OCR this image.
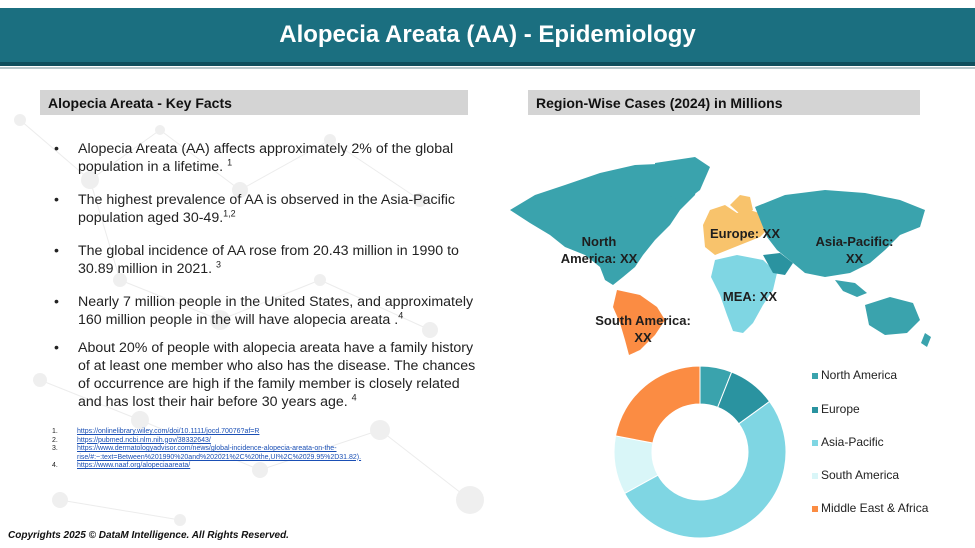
Alopecia Areata (AA) - Epidemiology
Alopecia Areata - Key Facts	Region-Wise Cases (2024) in Millions
• Alopecia Areata (AA) affects approximately 2% of the global population in a lifetime. $^1$
• The highest prevalence of AA is observed in the Asia-Pacific population aged 30-49.$^{1,2}$
• The global incidence of AA rose from 20.43 million in 1990 to 30.89 million in 2021. $^3$
• Nearly 7 million people in the United States, and approximately 160 million people in the will have alopecia areata .$^4$
• About 20% of people with alopecia areata have a family history of at least one member who also has the disease. The chances of occurrence are high if the family member is closely related and has lost their hair before 30 years age. $^4$
1.	https://onlinelibrary.wiley.com/doi/10.1111/jocd.70076?af=R
2.	https://pubmed.ncbi.nlm.nih.gov/38332643/
3.	https://www.dermatologyadvisor.com/news/global-incidence-alopecia-areata-on-the-rise/#:~:text=Between%201990%20and%202021%2C%20the,UI%2C%2029.95%2D31.82).
4.	https://www.naaf.org/alopeciaareata/
Copyrights 2025 © DataM Intelligence. All Rights Reserved.
North America: XX
Europe: XX
Asia-Pacific: XX
MEA: XX
South America: XX
North America
Europe
Asia-Pacific
South America
Middle East & Africa
